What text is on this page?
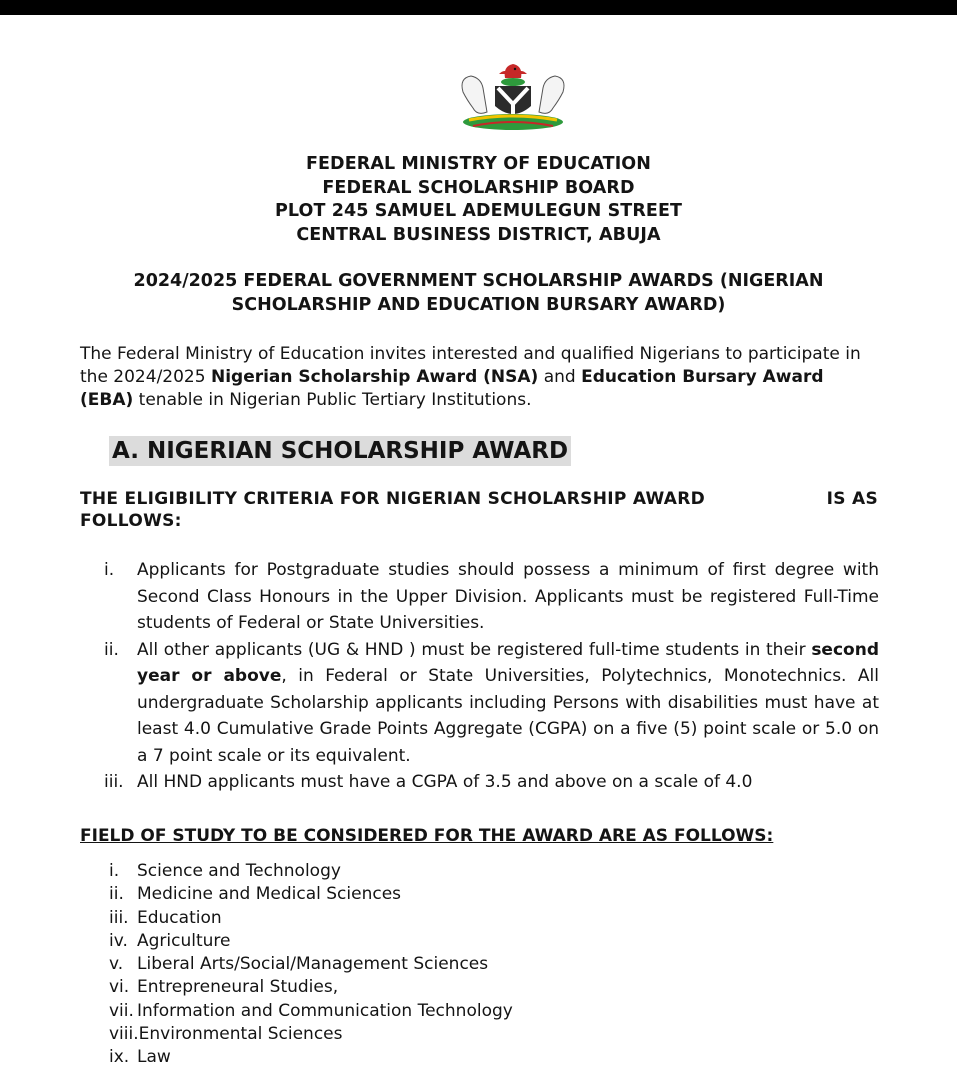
FEDERAL MINISTRY OF EDUCATION
FEDERAL SCHOLARSHIP BOARD
PLOT 245 SAMUEL ADEMULEGUN STREET
CENTRAL BUSINESS DISTRICT, ABUJA
2024/2025 FEDERAL GOVERNMENT SCHOLARSHIP AWARDS (NIGERIAN
SCHOLARSHIP AND EDUCATION BURSARY AWARD)
The Federal Ministry of Education invites interested and qualified Nigerians to participate in the 2024/2025 Nigerian Scholarship Award (NSA) and Education Bursary Award (EBA) tenable in Nigerian Public Tertiary Institutions.
A. NIGERIAN SCHOLARSHIP AWARD
THE ELIGIBILITY CRITERIA FOR NIGERIAN SCHOLARSHIP AWARD	IS AS
FOLLOWS:
i.	Applicants for Postgraduate studies should possess a minimum of first degree with Second Class Honours in the Upper Division. Applicants must be registered Full-Time students of Federal or State Universities.
ii.	All other applicants (UG & HND ) must be registered full-time students in their second year or above, in Federal or State Universities, Polytechnics, Monotechnics. All undergraduate Scholarship applicants including Persons with disabilities must have at least 4.0 Cumulative Grade Points Aggregate (CGPA) on a five (5) point scale or 5.0 on a 7 point scale or its equivalent.
iii. All HND applicants must have a CGPA of 3.5 and above on a scale of 4.0
FIELD OF STUDY TO BE CONSIDERED FOR THE AWARD ARE AS FOLLOWS:
i.	Science and Technology
ii. Medicine and Medical Sciences
iii. Education
iv. Agriculture
v. Liberal Arts/Social/Management Sciences
vi. Entrepreneural Studies,
vii. Information and Communication Technology
viii. Environmental Sciences
ix. Law
